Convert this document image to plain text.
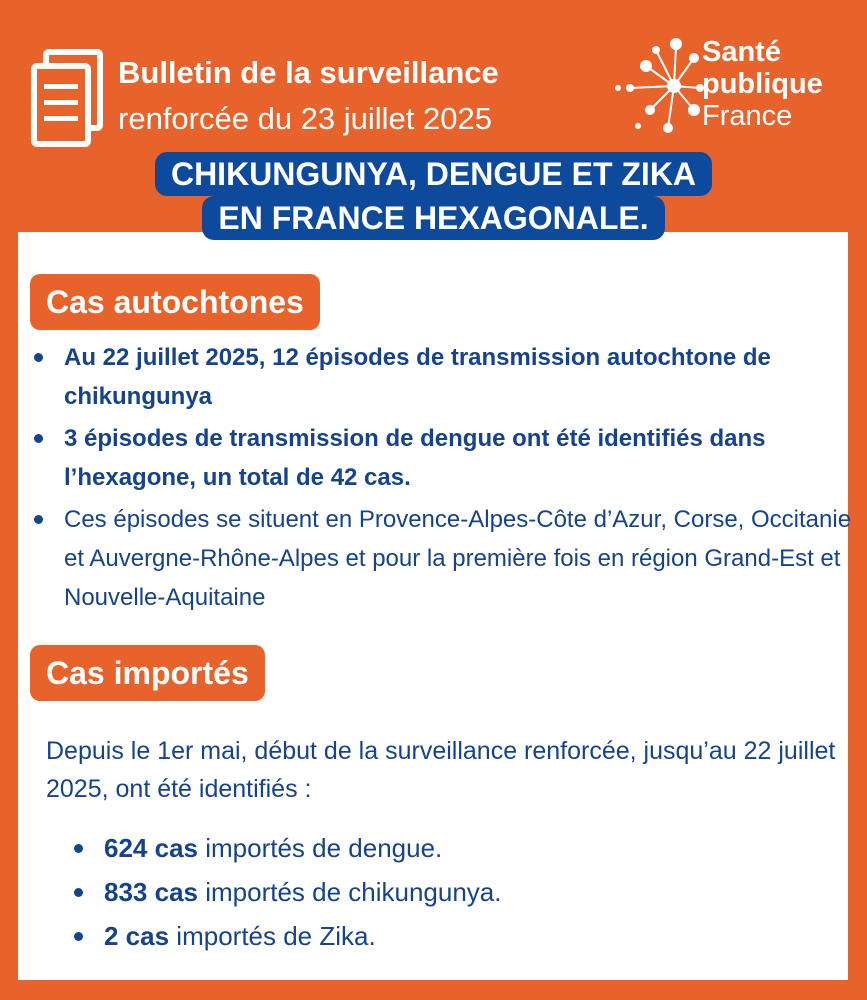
Bulletin de la surveillance
renforcée du 23 juillet 2025
Santé
publique
France
CHIKUNGUNYA, DENGUE ET ZIKA
EN FRANCE HEXAGONALE.
Cas autochtones
Au 22 juillet 2025, 12 épisodes de transmission autochtone de chikungunya
3 épisodes de transmission de dengue ont été identifiés dans l’hexagone, un total de 42 cas.
Ces épisodes se situent en Provence-Alpes-Côte d’Azur, Corse, Occitanie et Auvergne-Rhône-Alpes et pour la première fois en région Grand-Est et Nouvelle-Aquitaine
Cas importés
Depuis le 1er mai, début de la surveillance renforcée, jusqu’au 22 juillet 2025, ont été identifiés :
624 cas importés de dengue.
833 cas importés de chikungunya.
2 cas importés de Zika.
